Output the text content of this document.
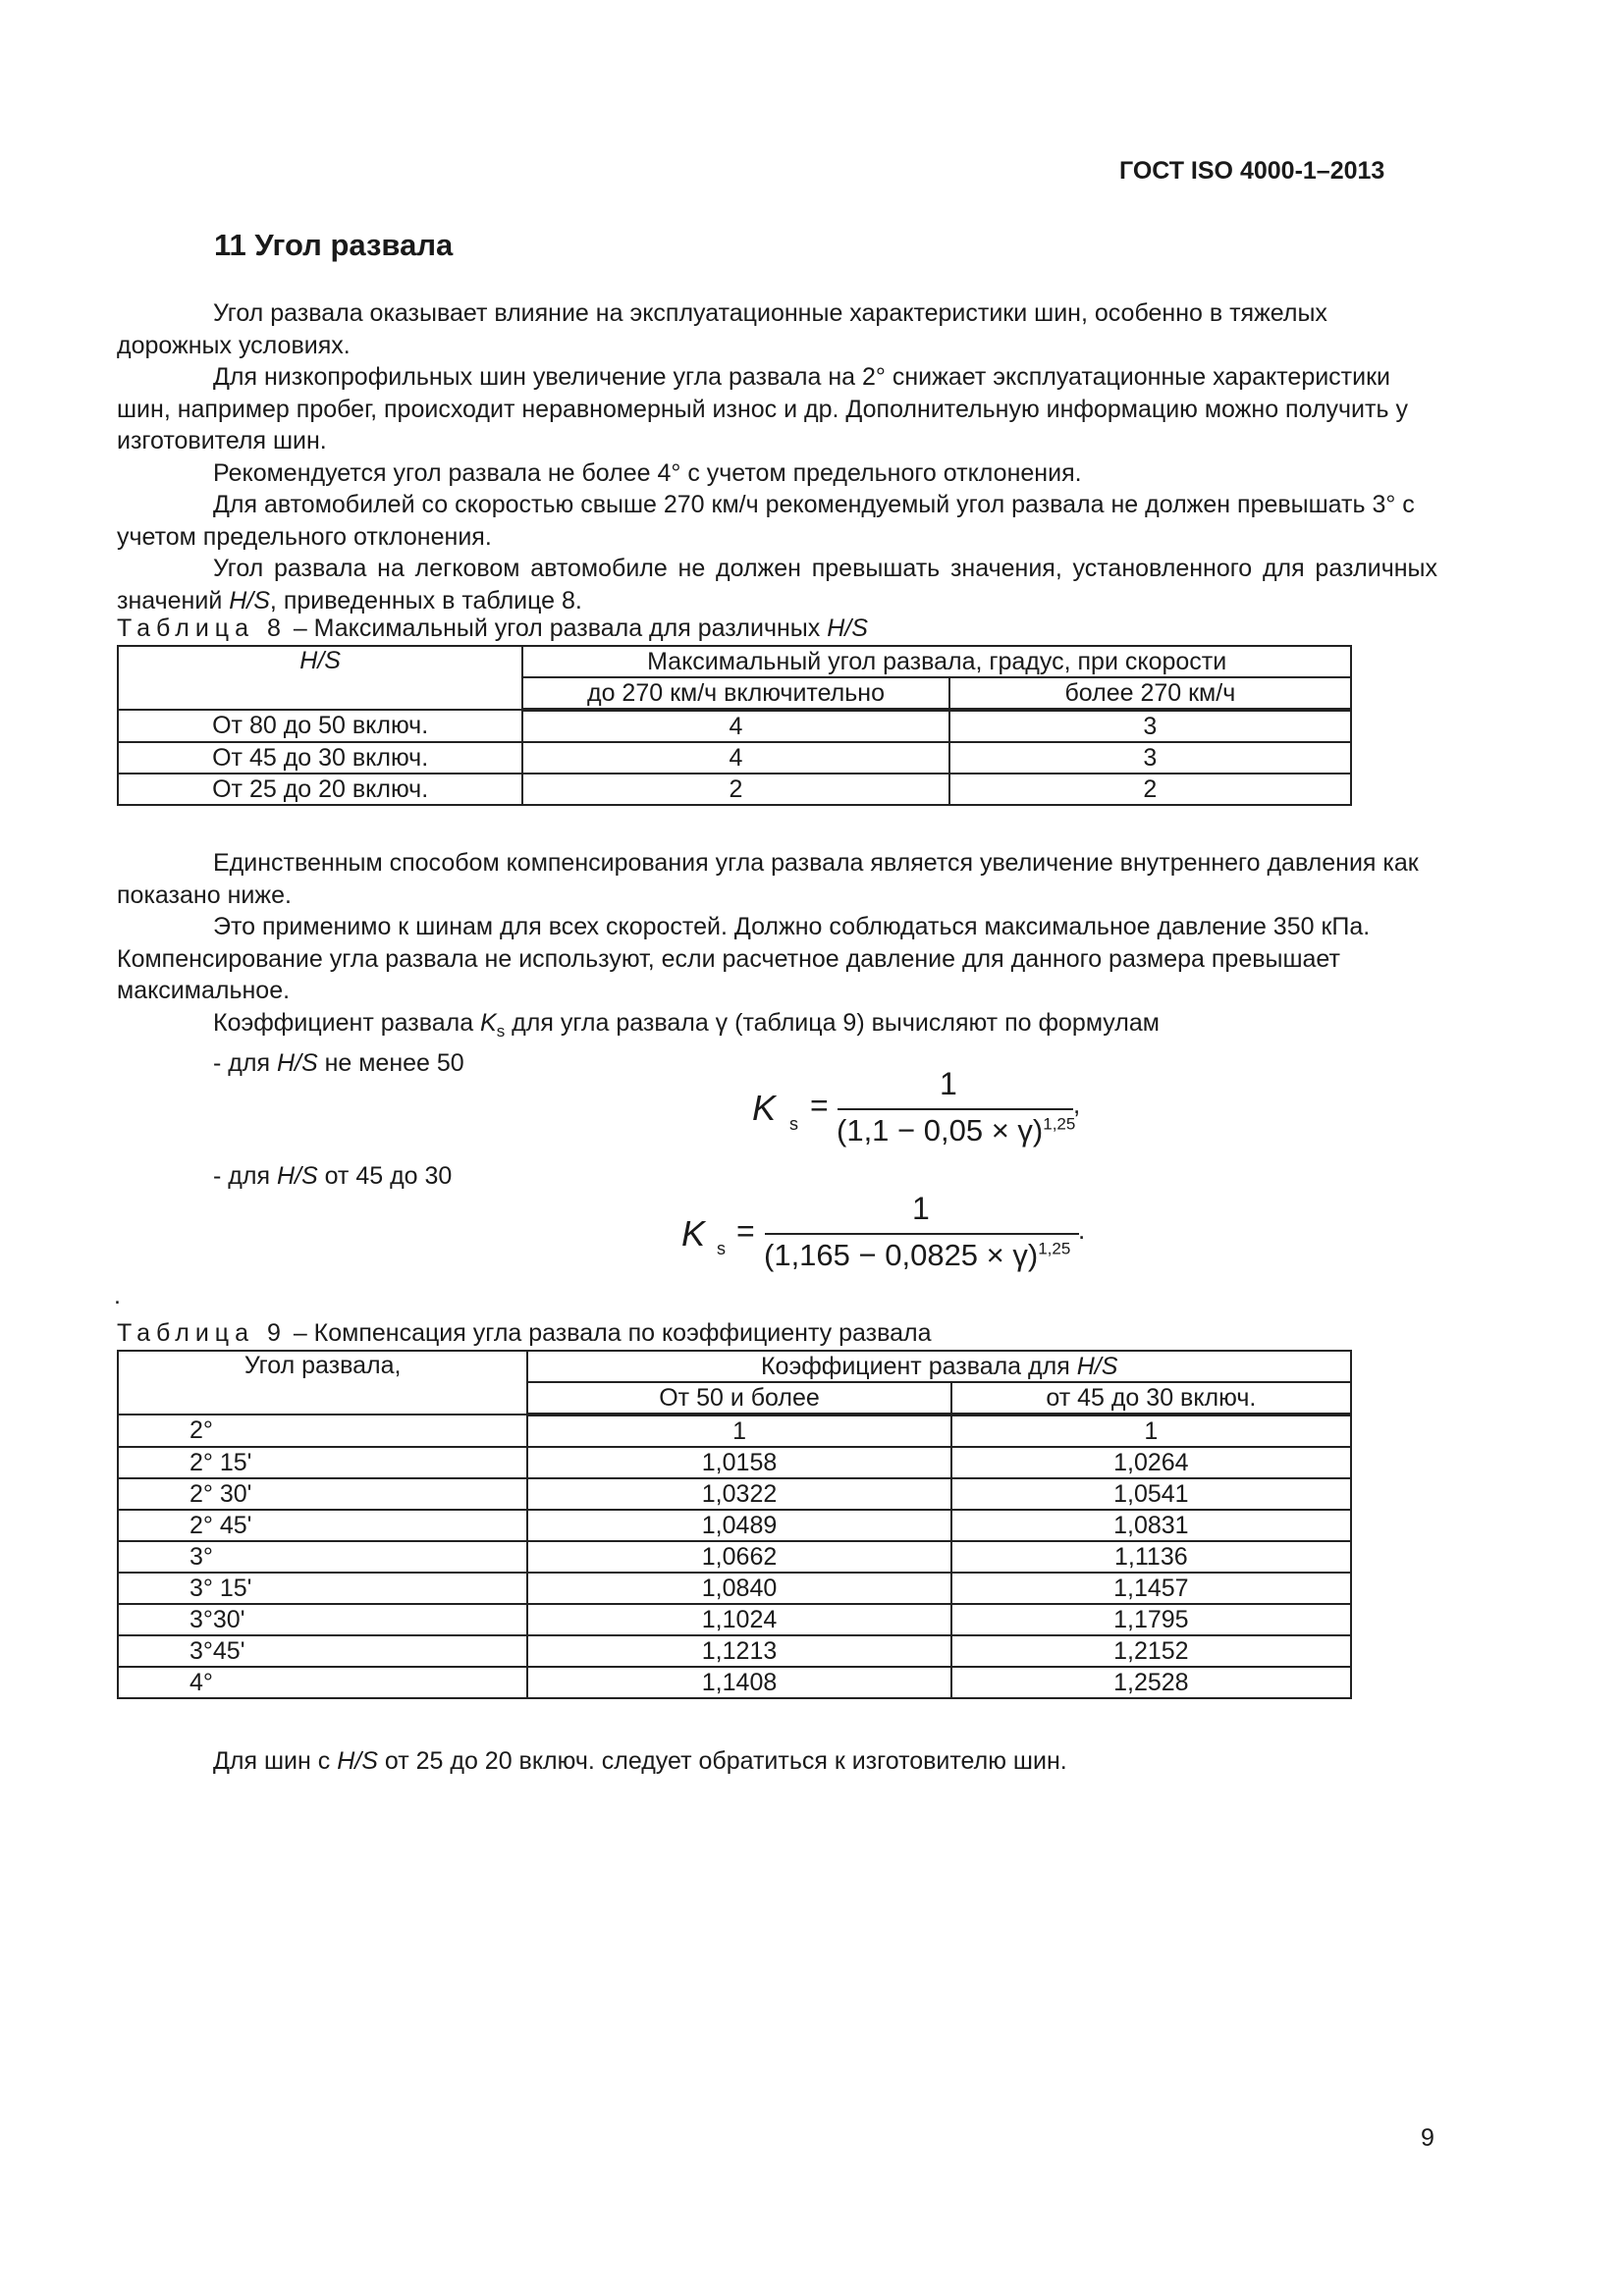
ГОСТ ISO 4000-1–2013
11 Угол развала

Угол развала оказывает влияние на эксплуатационные характеристики шин, особенно в тяжелых дорожных условиях.

Для низкопрофильных шин увеличение угла развала на 2° снижает эксплуатационные характеристики шин, например пробег, происходит неравномерный износ и др. Дополнительную информацию можно получить у изготовителя шин.

Рекомендуется угол развала не более 4° с учетом предельного отклонения.

Для автомобилей со скоростью свыше 270 км/ч рекомендуемый угол развала не должен превышать 3° с учетом предельного отклонения.

Угол развала на легковом автомобиле не должен превышать значения, установленного для различных значений H/S, приведенных в таблице 8.

Таблица 8 – Максимальный угол развала для различных H/S
H/S	Максимальный угол развала, градус, при скорости	
	до 270 км/ч включительно	более 270 км/ч
От 80 до 50 включ.	4	3
От 45 до 30 включ.	4	3
От 25 до 20 включ.	2	2

Единственным способом компенсирования угла развала является увеличение внутреннего давления как показано ниже.

Это применимо к шинам для всех скоростей. Должно соблюдаться максимальное давление 350 кПа. Компенсирование угла развала не используют, если расчетное давление для данного размера превышает максимальное.

Коэффициент развала $K_s$ для угла развала γ (таблица 9) вычисляют по формулам

- для H/S не менее 50

K s
=
1
$(1,1 - 0,05 \times \gamma)^{1,25}$
,

- для H/S от 45 до 30

K s =
1
$(1,165 - 0,0825 \times \gamma)^{1,25}$
.
.
Таблица 9 – Компенсация угла развала по коэффициенту развала
Угол развала,	Коэффициент развала для H/S	
	От 50 и более	от 45 до 30 включ.
2°	1	1
2° 15'	1,0158	1,0264
2° 30'	1,0322	1,0541
2° 45'	1,0489	1,0831
3°	1,0662	1,1136
3° 15'	1,0840	1,1457
3°30'	1,1024	1,1795
3°45'	1,1213	1,2152
4°	1,1408	1,2528

Для шин с H/S от 25 до 20 включ. следует обратиться к изготовителю шин.

9
